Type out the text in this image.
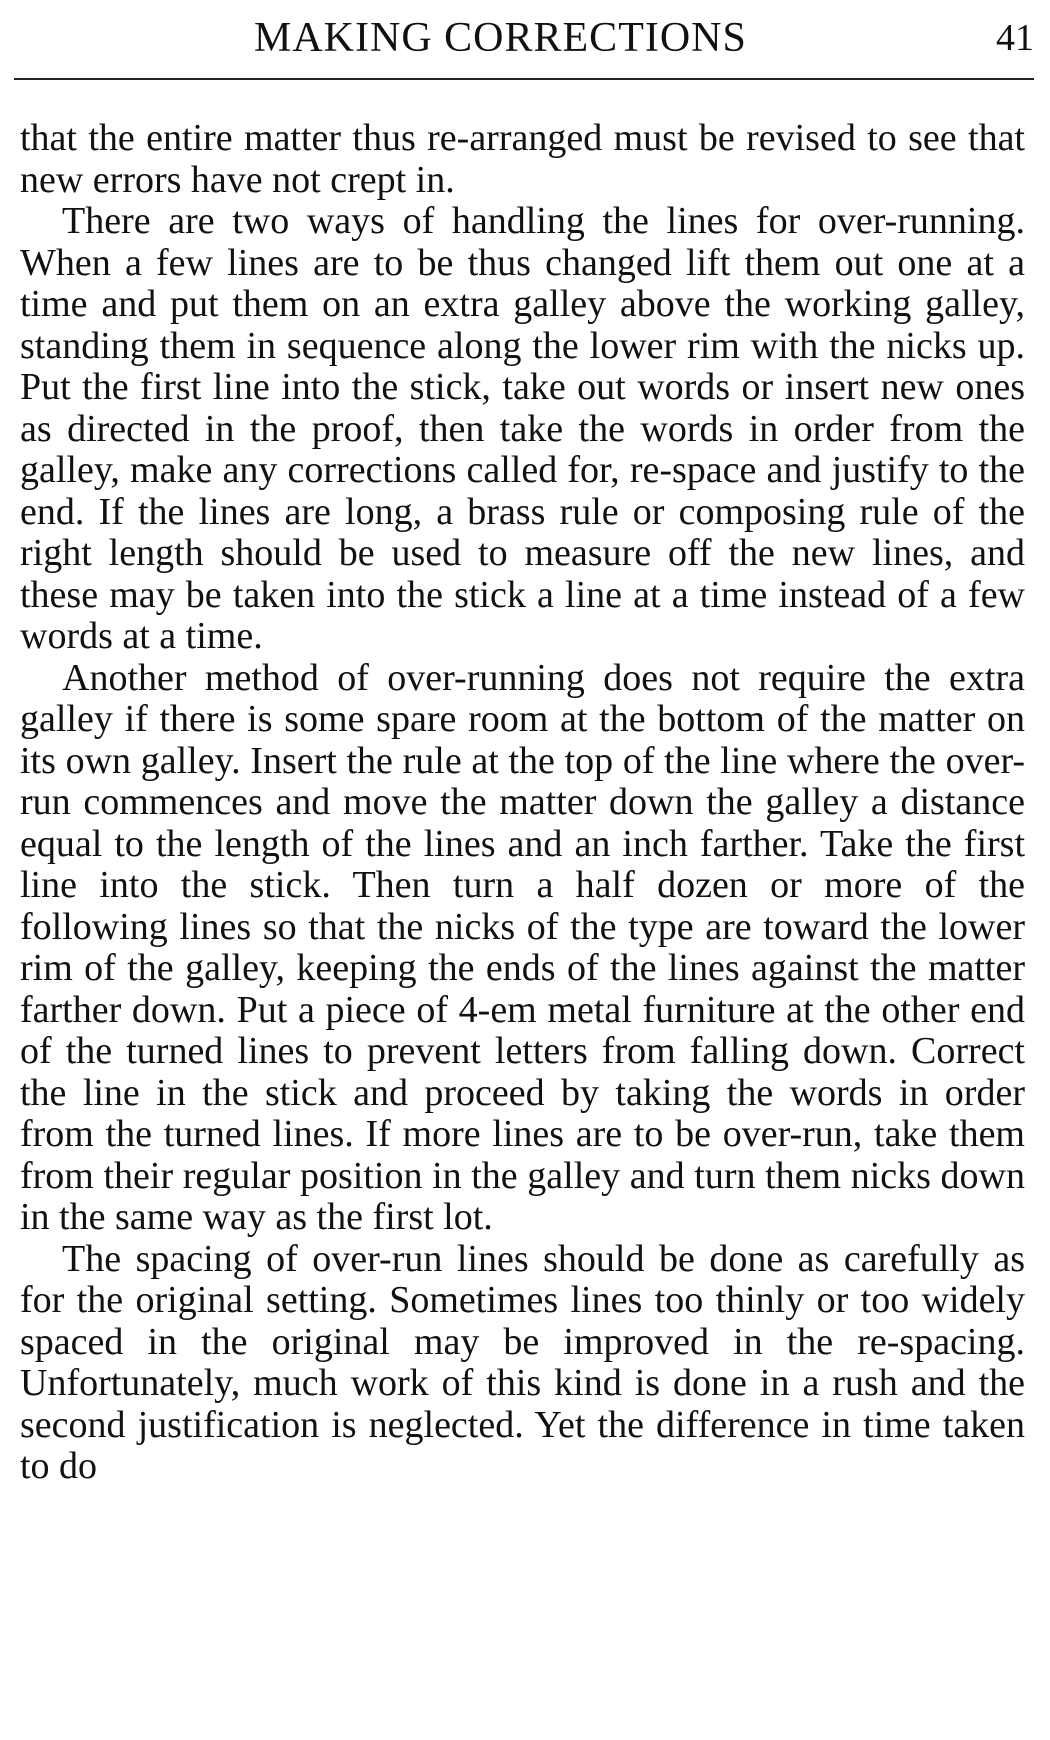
MAKING CORRECTIONS	41

that the entire matter thus re-arranged must be revised to see that new errors have not crept in.

There are two ways of handling the lines for over-running. When a few lines are to be thus changed lift them out one at a time and put them on an extra galley above the working galley, standing them in sequence along the lower rim with the nicks up. Put the first line into the stick, take out words or insert new ones as directed in the proof, then take the words in order from the galley, make any corrections called for, re-space and justify to the end. If the lines are long, a brass rule or composing rule of the right length should be used to measure off the new lines, and these may be taken into the stick a line at a time instead of a few words at a time.

Another method of over-running does not require the extra galley if there is some spare room at the bottom of the matter on its own galley. Insert the rule at the top of the line where the over-run commences and move the matter down the galley a distance equal to the length of the lines and an inch farther. Take the first line into the stick. Then turn a half dozen or more of the following lines so that the nicks of the type are toward the lower rim of the galley, keeping the ends of the lines against the matter farther down. Put a piece of 4-em metal furniture at the other end of the turned lines to prevent letters from falling down. Correct the line in the stick and proceed by taking the words in order from the turned lines. If more lines are to be over-run, take them from their regular position in the galley and turn them nicks down in the same way as the first lot.

The spacing of over-run lines should be done as carefully as for the original setting. Sometimes lines too thinly or too widely spaced in the original may be improved in the re-spacing. Unfortunately, much work of this kind is done in a rush and the second justification is neglected. Yet the difference in time taken to do
